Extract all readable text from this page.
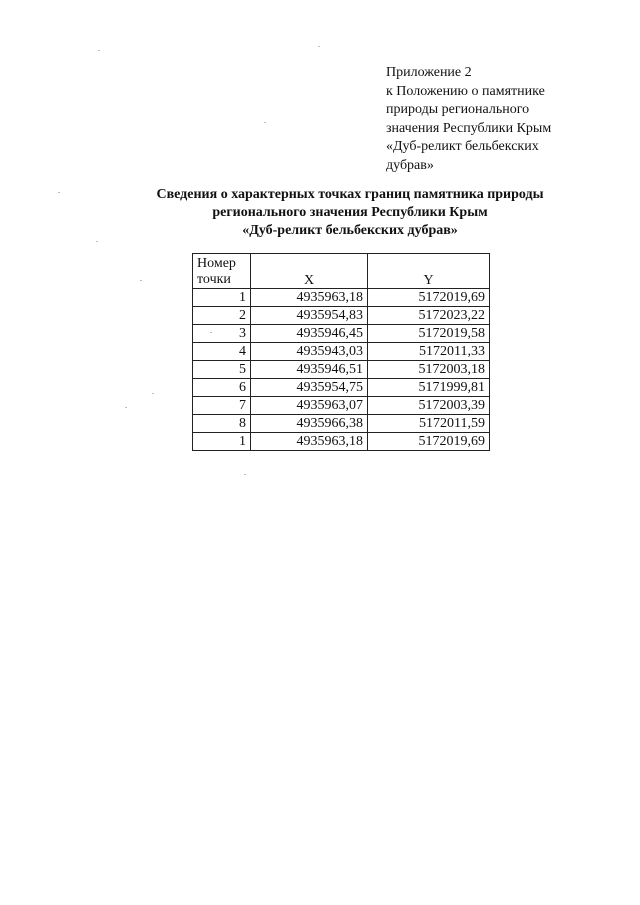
Приложение 2
к Положению о памятнике
природы регионального
значения Республики Крым
«Дуб-реликт бельбекских
дубрав»
Сведения о характерных точках границ памятника природы
регионального значения Республики Крым
«Дуб-реликт бельбекских дубрав»
Номер
точки	X	Y
1	4935963,18	5172019,69
2	4935954,83	5172023,22
3	4935946,45	5172019,58
4	4935943,03	5172011,33
5	4935946,51	5172003,18
6	4935954,75	5171999,81
7	4935963,07	5172003,39
8	4935966,38	5172011,59
1	4935963,18	5172019,69
